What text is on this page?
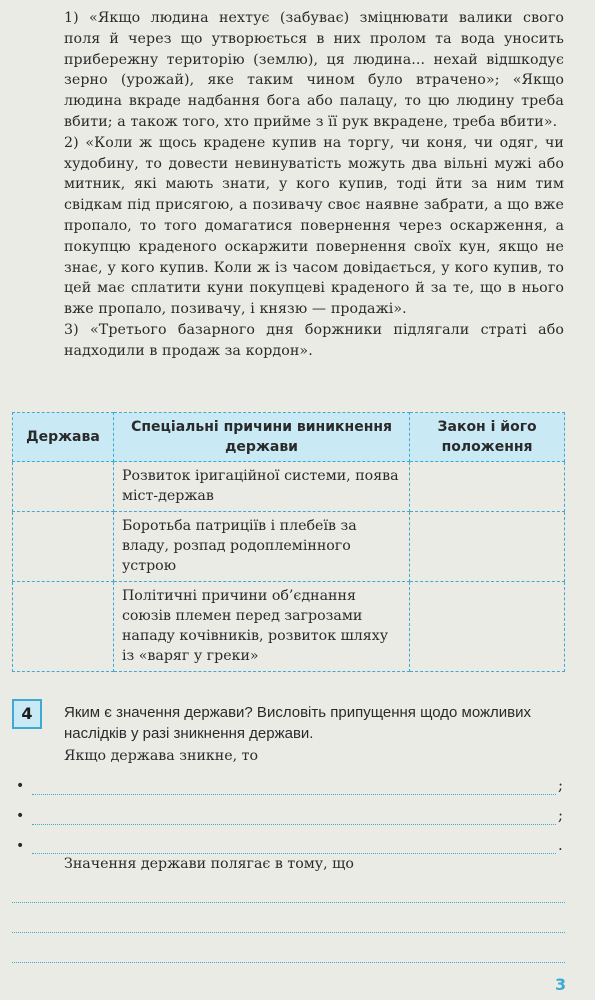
1) «Якщо людина нехтує (забуває) зміцнювати валики свого поля й через що утворюється в них пролом та вода уносить прибережну територію (землю), ця людина... нехай відшкодує зерно (урожай), яке таким чином було втрачено»; «Якщо людина вкраде надбання бога або палацу, то цю людину треба вбити; а також того, хто прийме з її рук вкрадене, треба вбити».

2) «Коли ж щось крадене купив на торгу, чи коня, чи одяг, чи худобину, то довести невинуватість можуть два вільні мужі або митник, які мають знати, у кого купив, тоді йти за ним тим свідкам під присягою, а позивачу своє наявне забрати, а що вже пропало, то того домагатися повернення через оскарження, а покупцю краденого оскаржити повернення своїх кун, якщо не знає, у кого купив. Коли ж із часом довідається, у кого купив, то цей має сплатити куни покупцеві краденого й за те, що в нього вже пропало, позивачу, і князю — продажі».

3) «Третього базарного дня боржники підлягали страті або надходили в продаж за кордон».

Держава	Спеціальні причини виникнення держави	Закон і його положення
	Розвиток іригаційної системи, поява міст-держав	
	Боротьба патриціїв і плебеїв за владу, розпад родоплемінного устрою	
	Політичні причини об’єднання союзів племен перед загрозами нападу кочівників, розвиток шляху із «варяг у греки»	
4	Яким є значення держави? Висловіть припущення щодо можливих наслідків у разі зникнення держави.
Якщо держава зникне, то
•	;
•	;
•	.
Значення держави полягає в тому, що
3
